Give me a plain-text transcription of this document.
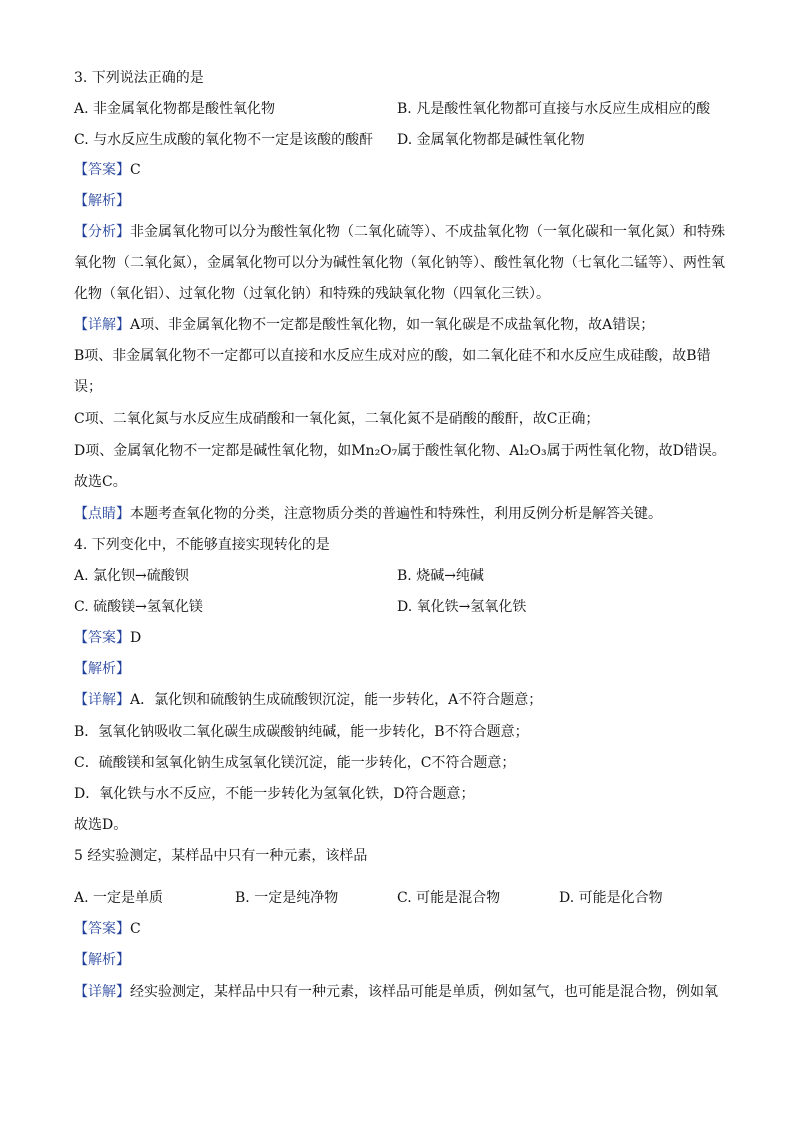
3. 下列说法正确的是
A. 非金属氧化物都是酸性氧化物	B. 凡是酸性氧化物都可直接与水反应生成相应的酸
C. 与水反应生成酸的氧化物不一定是该酸的酸酐 D. 金属氧化物都是碱性氧化物
【答案】C
【解析】
【分析】非金属氧化物可以分为酸性氧化物（二氧化硫等）、不成盐氧化物（一氧化碳和一氧化氮）和特殊
氧化物（二氧化氮），金属氧化物可以分为碱性氧化物（氧化钠等）、酸性氧化物（七氧化二锰等）、两性氧
化物（氧化铝）、过氧化物（过氧化钠）和特殊的残缺氧化物（四氧化三铁）。
【详解】A项、非金属氧化物不一定都是酸性氧化物，如一氧化碳是不成盐氧化物，故A错误；
B项、非金属氧化物不一定都可以直接和水反应生成对应的酸，如二氧化硅不和水反应生成硅酸，故B错
误；
C项、二氧化氮与水反应生成硝酸和一氧化氮，二氧化氮不是硝酸的酸酐，故C正确；
D项、金属氧化物不一定都是碱性氧化物，如Mn₂O₇属于酸性氧化物、Al₂O₃属于两性氧化物，故D错误。
故选C。
【点睛】本题考查氧化物的分类，注意物质分类的普遍性和特殊性，利用反例分析是解答关键。
4. 下列变化中，不能够直接实现转化的是
A. 氯化钡→硫酸钡	B. 烧碱→纯碱
C. 硫酸镁→氢氧化镁	D. 氧化铁→氢氧化铁
【答案】D
【解析】
【详解】A．氯化钡和硫酸钠生成硫酸钡沉淀，能一步转化，A不符合题意；
B．氢氧化钠吸收二氧化碳生成碳酸钠纯碱，能一步转化，B不符合题意；
C．硫酸镁和氢氧化钠生成氢氧化镁沉淀，能一步转化，C不符合题意；
D．氧化铁与水不反应，不能一步转化为氢氧化铁，D符合题意；
故选D。
5 经实验测定，某样品中只有一种元素，该样品
A. 一定是单质	B. 一定是纯净物	C. 可能是混合物	D. 可能是化合物
【答案】C
【解析】
【详解】经实验测定，某样品中只有一种元素，该样品可能是单质，例如氢气，也可能是混合物，例如氧
